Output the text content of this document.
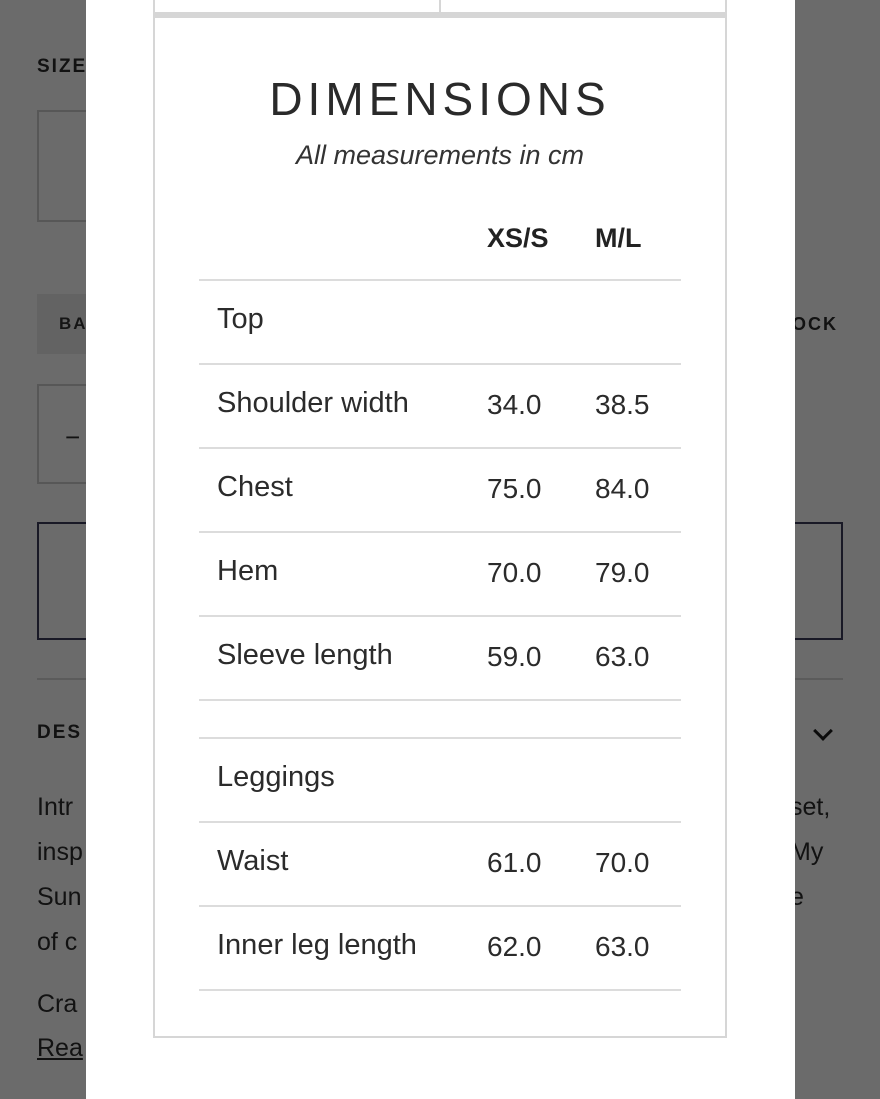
DIMENSIONS
All measurements in cm
XS/S M/L
Top
Shoulder width	34.0 38.5
Chest	75.0 84.0
Hem	70.0 79.0
Sleeve length	59.0 63.0
Leggings
Waist	61.0 70.0
Inner leg length	62.0 63.0
